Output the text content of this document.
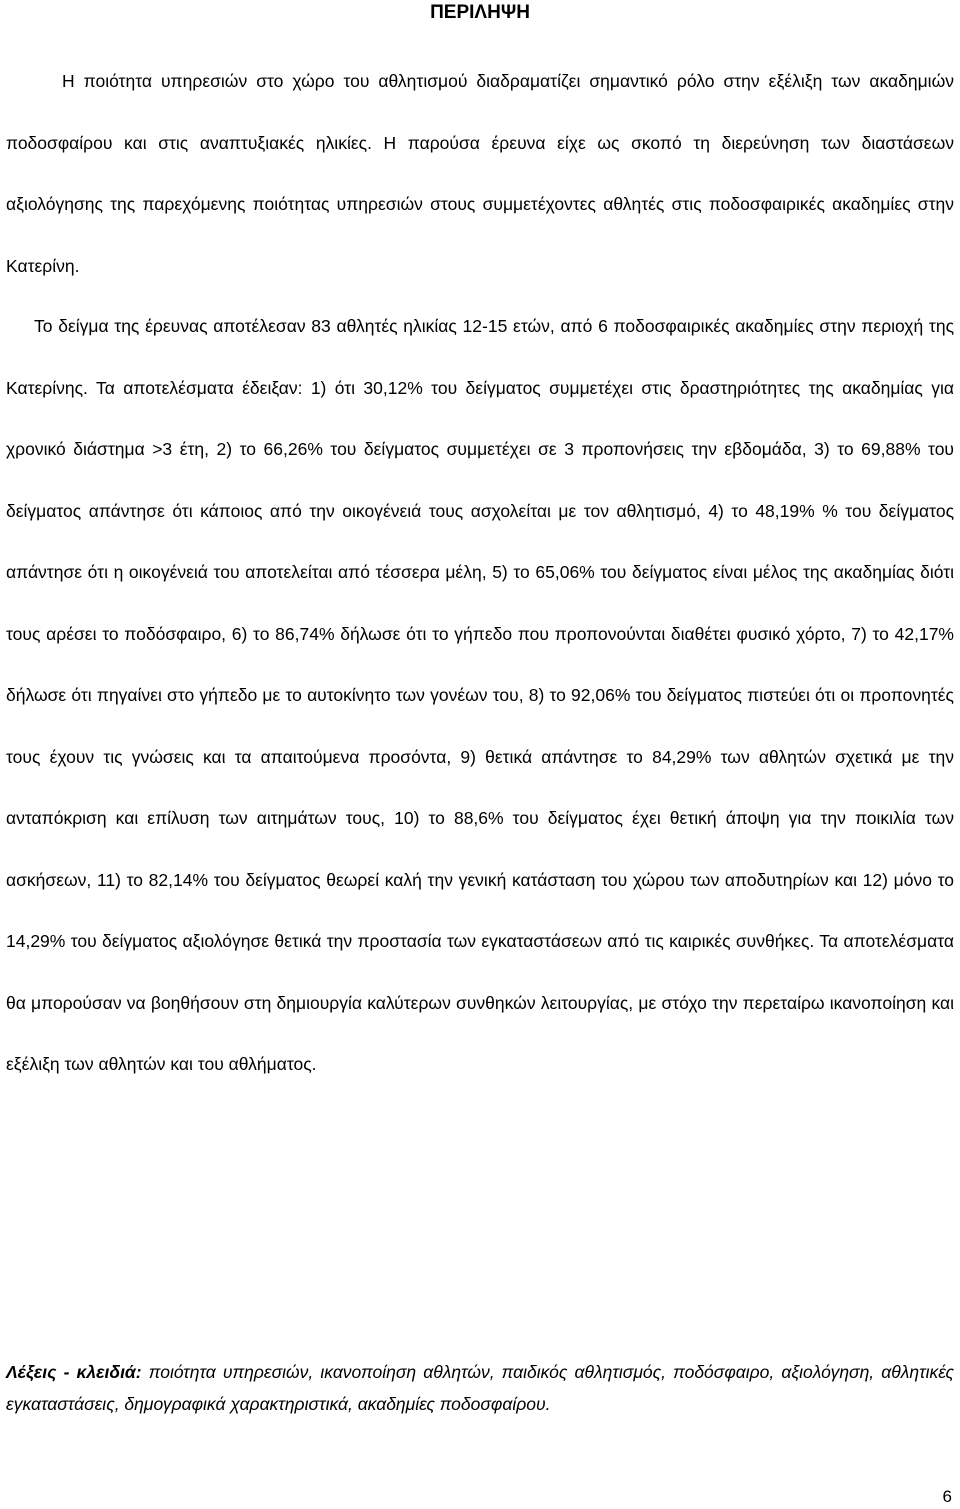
ΠΕΡΙΛΗΨΗ

Η ποιότητα υπηρεσιών στο χώρο του αθλητισμού διαδραματίζει σημαντικό ρόλο στην εξέλιξη των ακαδημιών ποδοσφαίρου και στις αναπτυξιακές ηλικίες. Η παρούσα έρευνα είχε ως σκοπό τη διερεύνηση των διαστάσεων αξιολόγησης της παρεχόμενης ποιότητας υπηρεσιών στους συμμετέχοντες αθλητές στις ποδοσφαιρικές ακαδημίες στην Κατερίνη.

Το δείγμα της έρευνας αποτέλεσαν 83 αθλητές ηλικίας 12-15 ετών, από 6 ποδοσφαιρικές ακαδημίες στην περιοχή της Κατερίνης. Τα αποτελέσματα έδειξαν: 1) ότι 30,12% του δείγματος συμμετέχει στις δραστηριότητες της ακαδημίας για χρονικό διάστημα >3 έτη, 2) το 66,26% του δείγματος συμμετέχει σε 3 προπονήσεις την εβδομάδα, 3) το 69,88% του δείγματος απάντησε ότι κάποιος από την οικογένειά τους ασχολείται με τον αθλητισμό, 4) το 48,19% % του δείγματος απάντησε ότι η οικογένειά του αποτελείται από τέσσερα μέλη, 5) το 65,06% του δείγματος είναι μέλος της ακαδημίας διότι τους αρέσει το ποδόσφαιρο, 6) το 86,74% δήλωσε ότι το γήπεδο που προπονούνται διαθέτει φυσικό χόρτο, 7) το 42,17% δήλωσε ότι πηγαίνει στο γήπεδο με το αυτοκίνητο των γονέων του, 8) το 92,06% του δείγματος πιστεύει ότι οι προπονητές τους έχουν τις γνώσεις και τα απαιτούμενα προσόντα, 9) θετικά απάντησε το 84,29% των αθλητών σχετικά με την ανταπόκριση και επίλυση των αιτημάτων τους, 10) το 88,6% του δείγματος έχει θετική άποψη για την ποικιλία των ασκήσεων, 11) το 82,14% του δείγματος θεωρεί καλή την γενική κατάσταση του χώρου των αποδυτηρίων και 12) μόνο το 14,29% του δείγματος αξιολόγησε θετικά την προστασία των εγκαταστάσεων από τις καιρικές συνθήκες. Τα αποτελέσματα θα μπορούσαν να βοηθήσουν στη δημιουργία καλύτερων συνθηκών λειτουργίας, με στόχο την περεταίρω ικανοποίηση και εξέλιξη των αθλητών και του αθλήματος.

Λέξεις - κλειδιά: ποιότητα υπηρεσιών, ικανοποίηση αθλητών, παιδικός αθλητισμός, ποδόσφαιρο, αξιολόγηση, αθλητικές εγκαταστάσεις, δημογραφικά χαρακτηριστικά, ακαδημίες ποδοσφαίρου.

6
